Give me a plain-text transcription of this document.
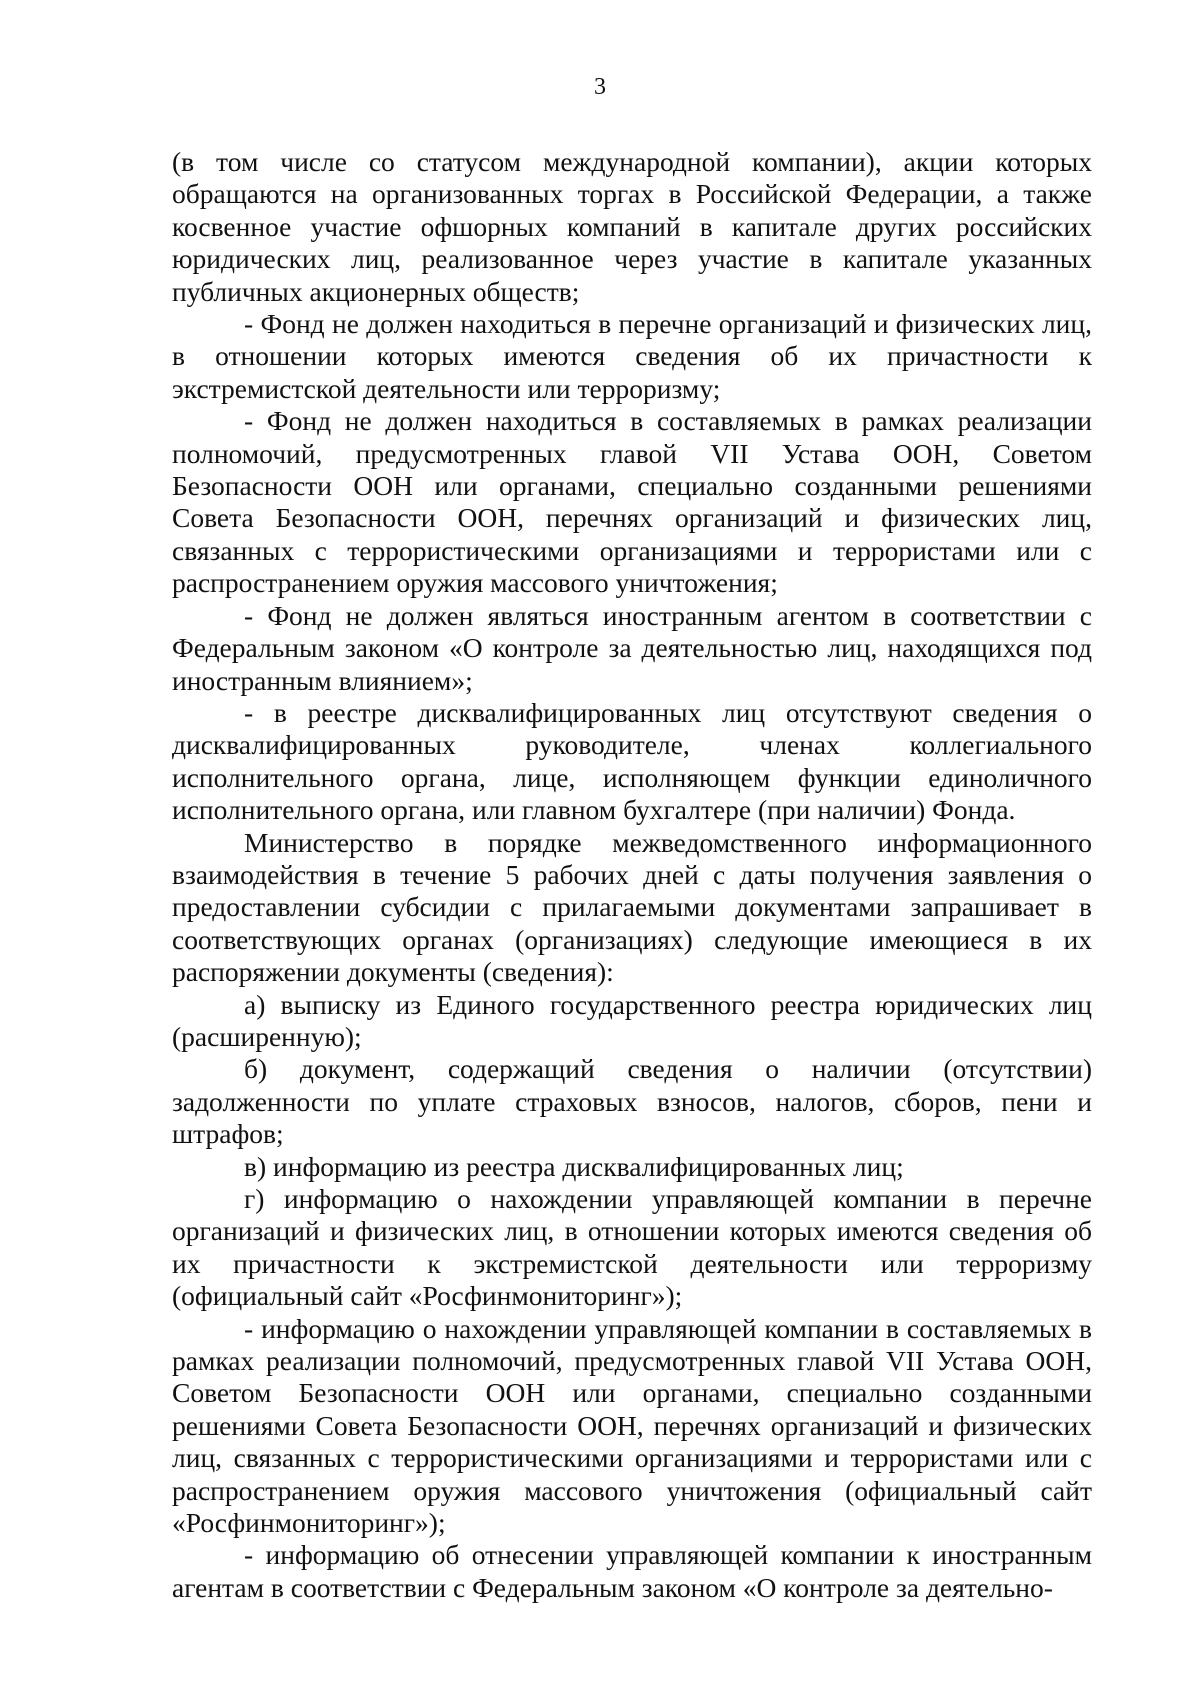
3

(в том числе со статусом международной компании), акции которых обращаются на организованных торгах в Российской Федерации, а также косвенное участие офшорных компаний в капитале других российских юридических лиц, реализованное через участие в капитале указанных публичных акционерных обществ;

- Фонд не должен находиться в перечне организаций и физических лиц, в отношении которых имеются сведения об их причастности к экстремистской деятельности или терроризму;

- Фонд не должен находиться в составляемых в рамках реализации полномочий, предусмотренных главой VII Устава ООН, Советом Безопасности ООН или органами, специально созданными решениями Совета Безопасности ООН, перечнях организаций и физических лиц, связанных с террористическими организациями и террористами или с распространением оружия массового уничтожения;

- Фонд не должен являться иностранным агентом в соответствии с Федеральным законом «О контроле за деятельностью лиц, находящихся под иностранным влиянием»;

- в реестре дисквалифицированных лиц отсутствуют сведения о дисквалифицированных руководителе, членах коллегиального исполнительного органа, лице, исполняющем функции единоличного исполнительного органа, или главном бухгалтере (при наличии) Фонда.

Министерство в порядке межведомственного информационного взаимодействия в течение 5 рабочих дней с даты получения заявления о предоставлении субсидии с прилагаемыми документами запрашивает в соответствующих органах (организациях) следующие имеющиеся в их распоряжении документы (сведения):

а) выписку из Единого государственного реестра юридических лиц (расширенную);

б) документ, содержащий сведения о наличии (отсутствии) задолженности по уплате страховых взносов, налогов, сборов, пени и штрафов;

в) информацию из реестра дисквалифицированных лиц;

г) информацию о нахождении управляющей компании в перечне организаций и физических лиц, в отношении которых имеются сведения об их причастности к экстремистской деятельности или терроризму (официальный сайт «Росфинмониторинг»);

- информацию о нахождении управляющей компании в составляемых в рамках реализации полномочий, предусмотренных главой VII Устава ООН, Советом Безопасности ООН или органами, специально созданными решениями Совета Безопасности ООН, перечнях организаций и физических лиц, связанных с террористическими организациями и террористами или с распространением оружия массового уничтожения (официальный сайт «Росфинмониторинг»);

- информацию об отнесении управляющей компании к иностранным агентам в соответствии с Федеральным законом «О контроле за деятельно-
